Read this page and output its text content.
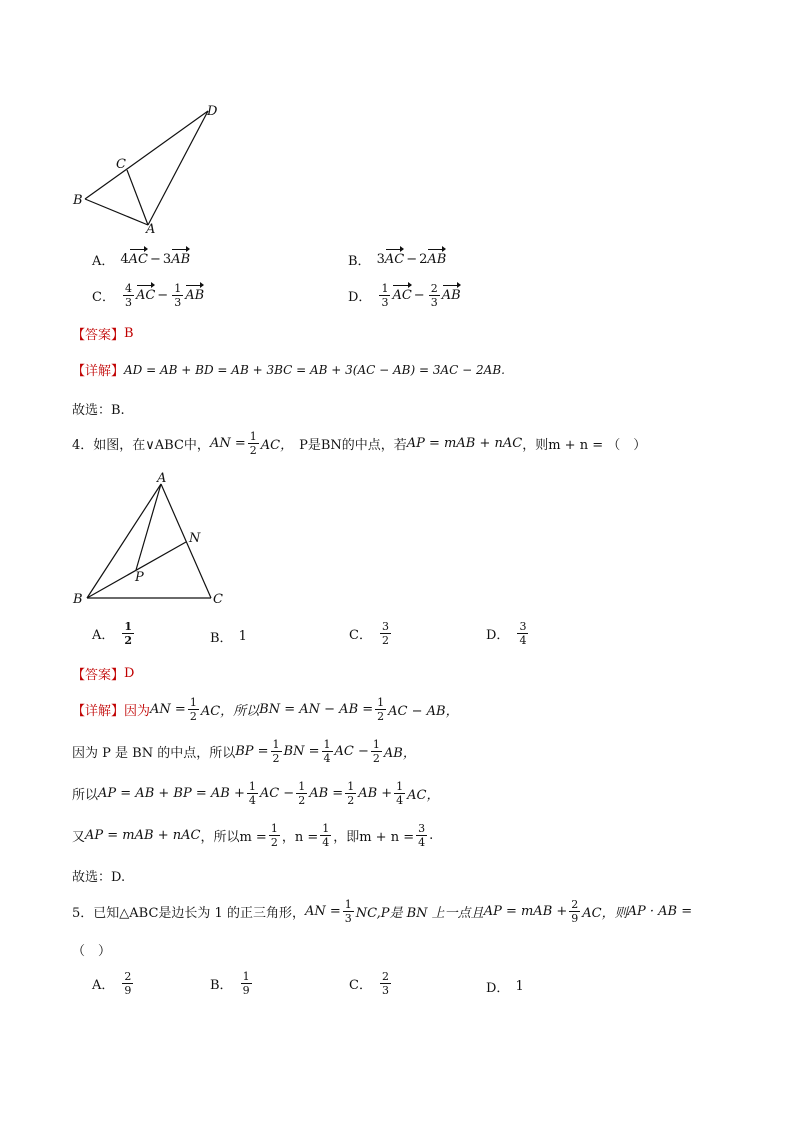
D
C
B
A
A． 4 AC − 3 AB	B． 3 AC − 2 AB
C． $\frac{4}{3}$ AC − $\frac{1}{3}$ AB	D． $\frac{1}{3}$ AC − $\frac{2}{3}$ AB
【答案】 B
【详解】 AD = AB + BD = AB + 3BC = AB + 3(AC − AB) = 3AC − 2AB.
故选：B.
4． 如图，在∨ABC中， AN = $\frac{1}{2}$ AC， P是BN的中点，若 AP = mAB + nAC ，则m + n = （　）
A
N
P
B	C
A． $\frac{1}{2}$	B． 1	C． $\frac{3}{2}$	D． $\frac{3}{4}$
【答案】 D
【详解】 因为 AN = $\frac{1}{2}$ AC，所以 BN = AN − AB = $\frac{1}{2}$ AC − AB，
因为 P 是 BN 的中点，所以 BP = $\frac{1}{2}$ BN = $\frac{1}{4}$ AC − $\frac{1}{2}$ AB，
所以 AP = AB + BP = AB + $\frac{1}{4}$ AC − $\frac{1}{2}$ AB = $\frac{1}{2}$ AB + $\frac{1}{4}$ AC，
又 AP = mAB + nAC ，所以$m = \frac{1}{2}$ ，$n = \frac{1}{4}$ ，即$m + n = \frac{3}{4}$ .
故选：D.
5． 已知△ABC是边长为 1 的正三角形， AN = $\frac{1}{3} NC,P$是 BN 上一点且 AP = mAB + $\frac{2}{9}$ AC，则 AP · AB =
（　）
A． $\frac{2}{9}$	B． $\frac{1}{9}$	C． $\frac{2}{3}$	D． 1
